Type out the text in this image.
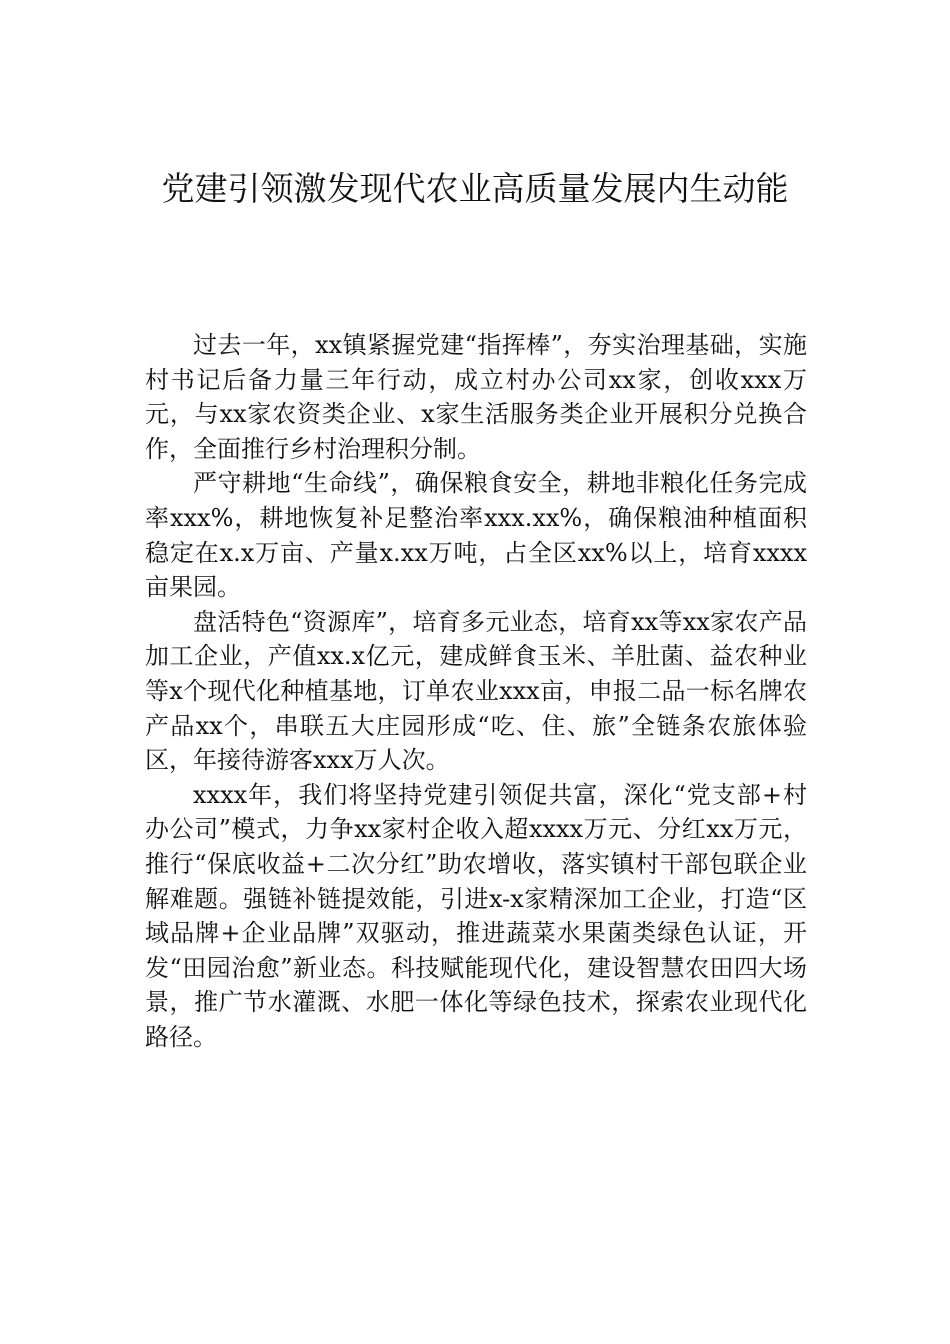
党建引领激发现代农业高质量发展内生动能

过去一年，xx镇紧握党建“指挥棒”，夯实治理基础，实施村书记后备力量三年行动，成立村办公司xx家，创收xxx万元，与xx家农资类企业、x家生活服务类企业开展积分兑换合作，全面推行乡村治理积分制。

严守耕地“生命线”，确保粮食安全，耕地非粮化任务完成率xxx%，耕地恢复补足整治率xxx.xx%，确保粮油种植面积稳定在x.x万亩、产量x.xx万吨，占全区xx%以上，培育xxxx亩果园。

盘活特色“资源库”，培育多元业态，培育xx等xx家农产品加工企业，产值xx.x亿元，建成鲜食玉米、羊肚菌、益农种业等x个现代化种植基地，订单农业xxx亩，申报二品一标名牌农产品xx个，串联五大庄园形成“吃、住、旅”全链条农旅体验区，年接待游客xxx万人次。

xxxx年，我们将坚持党建引领促共富，深化“党支部+村办公司”模式，力争xx家村企收入超xxxx万元、分红xx万元，推行“保底收益+二次分红”助农增收，落实镇村干部包联企业解难题。强链补链提效能，引进x-x家精深加工企业，打造“区域品牌+企业品牌”双驱动，推进蔬菜水果菌类绿色认证，开发“田园治愈”新业态。科技赋能现代化，建设智慧农田四大场景，推广节水灌溉、水肥一体化等绿色技术，探索农业现代化路径。
